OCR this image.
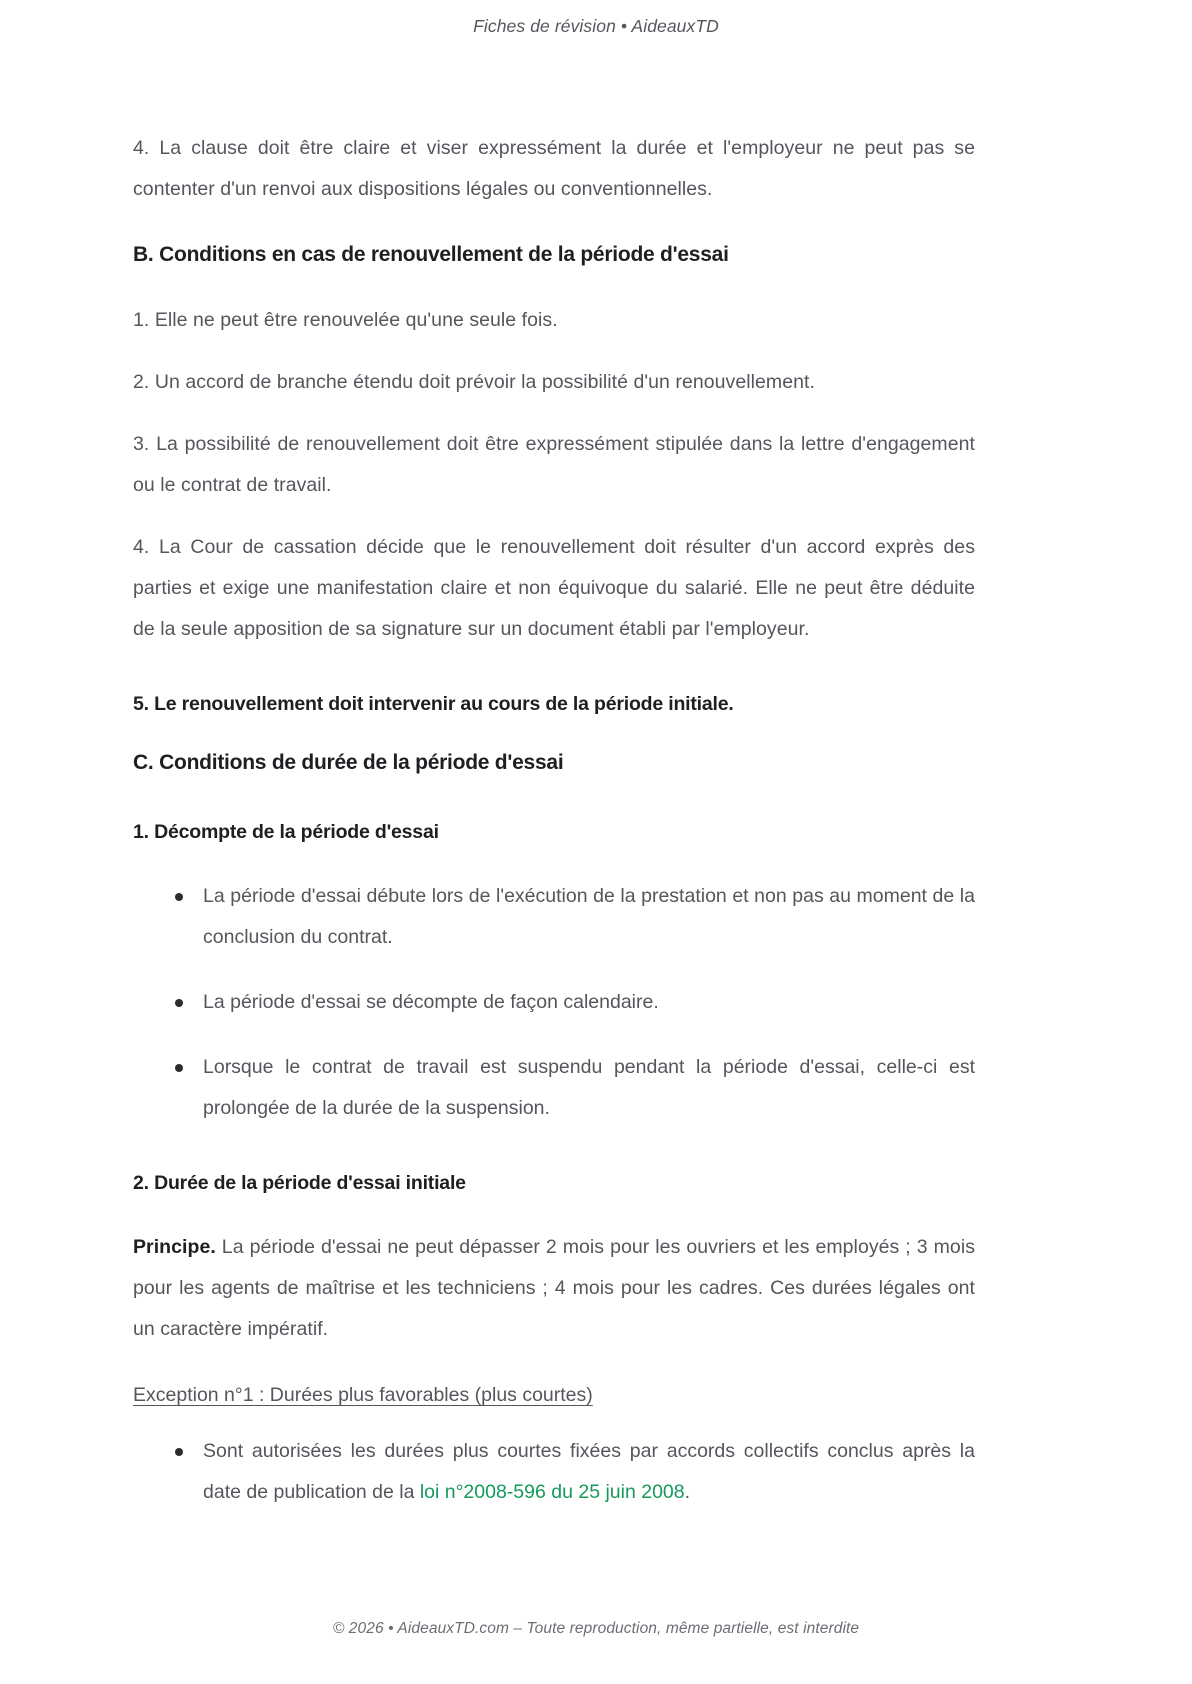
Fiches de révision • AideauxTD

4. La clause doit être claire et viser expressément la durée et l'employeur ne peut pas se contenter d'un renvoi aux dispositions légales ou conventionnelles.

B. Conditions en cas de renouvellement de la période d'essai

1. Elle ne peut être renouvelée qu'une seule fois.

2. Un accord de branche étendu doit prévoir la possibilité d'un renouvellement.

3. La possibilité de renouvellement doit être expressément stipulée dans la lettre d'engagement ou le contrat de travail.

4. La Cour de cassation décide que le renouvellement doit résulter d'un accord exprès des parties et exige une manifestation claire et non équivoque du salarié. Elle ne peut être déduite de la seule apposition de sa signature sur un document établi par l'employeur.

5. Le renouvellement doit intervenir au cours de la période initiale.

C. Conditions de durée de la période d'essai
1. Décompte de la période d'essai
La période d'essai débute lors de l'exécution de la prestation et non pas au moment de la conclusion du contrat.
La période d'essai se décompte de façon calendaire.
Lorsque le contrat de travail est suspendu pendant la période d'essai, celle-ci est prolongée de la durée de la suspension.
2. Durée de la période d'essai initiale

Principe. La période d'essai ne peut dépasser 2 mois pour les ouvriers et les employés ; 3 mois pour les agents de maîtrise et les techniciens ; 4 mois pour les cadres. Ces durées légales ont un caractère impératif.

Exception n°1 : Durées plus favorables (plus courtes)
Sont autorisées les durées plus courtes fixées par accords collectifs conclus après la date de publication de la loi n°2008-596 du 25 juin 2008.
© 2026 • AideauxTD.com – Toute reproduction, même partielle, est interdite
